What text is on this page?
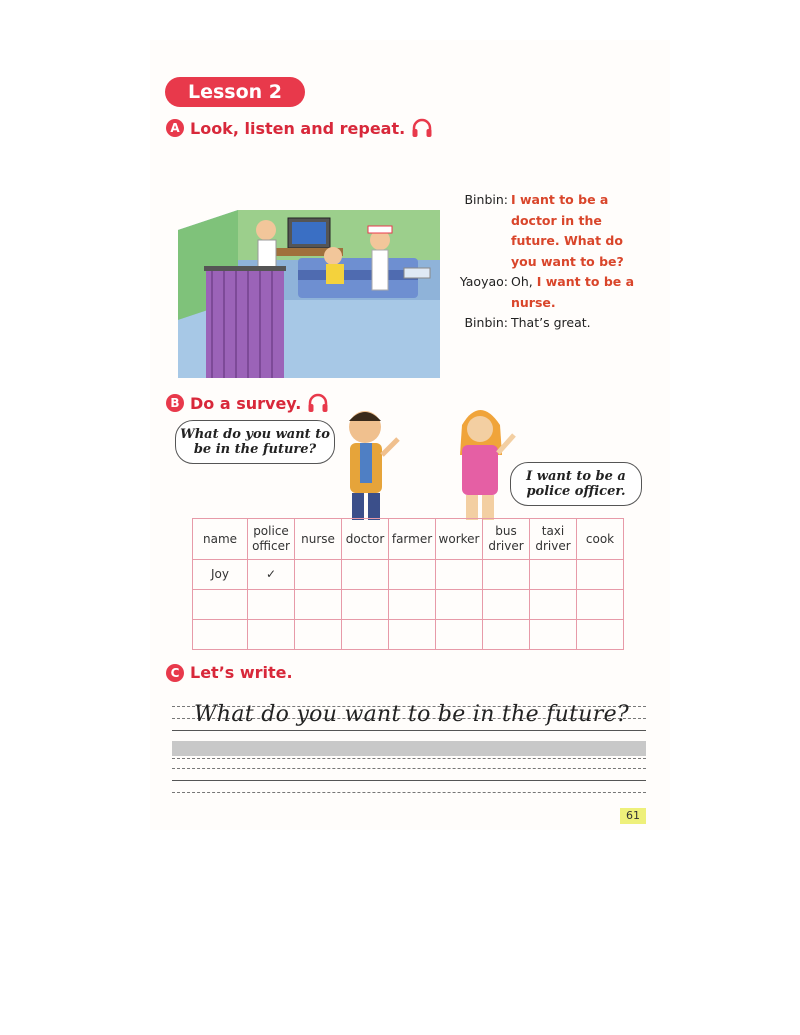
Lesson 2
A Look, listen and repeat.
Binbin: I want to be a doctor in the future. What do you want to be?
Yaoyao: Oh, I want to be a nurse.
Binbin: That’s great.
B Do a survey.
What do you want to be in the future?
I want to be a police officer.
name	police officer	nurse	doctor	farmer	worker	bus driver	taxi driver	cook
Joy	✓							

C Let’s write.
What do you want to be in the future?
61
